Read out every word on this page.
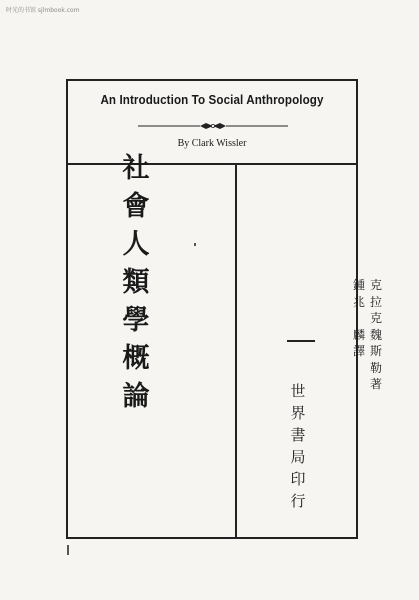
时光的书馆 sjlmbook.com
An Introduction To Social Anthropology
By Clark Wissler
克
拉
克
魏
斯
勒
著
鍾
兆
麟
譯
社
會
人
類
學
概
論	世
界
書
局
印
行
